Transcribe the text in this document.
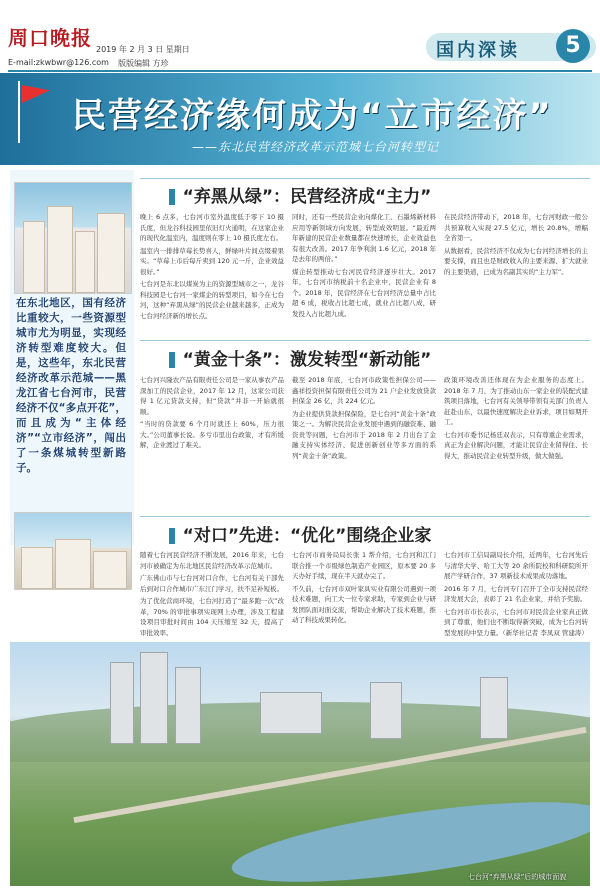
周口晚报 2019 年 2 月 3 日 星期日
E-mail:zkwbwr@126.com 版版编辑 方珍
国内深读	5
民营经济缘何成为“立市经济”
——东北民营经济改革示范城七台河转型记
在东北地区，国有经济比重较大，一些资源型城市尤为明显，实现经济转型难度较大。但是，这些年，东北民营经济改革示范城——黑龙江省七台河市，民营经济不仅“多点开花”，而且成为“主体经济”“立市经济”，闯出了一条煤城转型新路子。
“弃黑从绿”：民营经济成“主力”

晚上 6 点多，七台河市室外温度低于零下 10 摄氏度，但龙谷科技园里依旧灯火通明，在这家企业的现代化温室内，温度则在零上 10 摄氏度左右。

温室内一排排草莓长势喜人，鲜绿叶片间点缀着果实。“草莓上市后每斤卖到 120 元一斤，企业效益很好。”

七台河是东北以煤炭为主的资源型城市之一，龙谷科技园是七台河一家煤企的转型项目，如今在七台河，这种“弃黑从绿”的民营企业越来越多，正成为七台河经济新的增长点。

同时，还有一些民营企业向煤化工、石墨烯新材料应用等新领域方向发展，转型成效明显。“最近两年新建的民营企业数量都在快速增长，企业效益也有很大改善。2017 年争利润 1.6 亿元，2018 年是去年的两倍。”

煤企转型推动七台河民营经济逐步壮大。2017 年，七台河市纳税前十名企业中，民营企业有 8 个。2018 年，民营经济在七台河经济总量中占比超 6 成，税收占比超七成，就业占比超八成，研发投入占比超九成。

在民营经济带动下，2018 年，七台河财政一般公共预算收入实现 27.5 亿元，增长 20.8%，增幅全省第一。

从数据看，民营经济不仅成为七台河经济增长的主要支撑，而且也是财政收入的主要来源、扩大就业的主要渠道，已成为名副其实的“主力军”。

“黄金十条”：激发转型“新动能”

七台河兴隆农产品有限责任公司是一家从事农产品深加工的民营企业，2017 年 12 月，这家公司获得 1 亿元贷款支持，但“贷款”并非一开始就很顺。

“当时的贷款要 6 个月时就还上 60%，压力很大。”公司董事长说。多亏市里出台政策，才有所缓解，企业渡过了难关。

截至 2018 年底，七台河市政策性担保公司——鑫祥投资担保有限责任公司为 21 户企业发放贷款担保金 26 亿，共 224 亿元。

为企业提供贷款担保保险，是七台河“黄金十条”政策之一。为解决民营企业发展中遇到的融资难、融资贵等问题，七台河市于 2018 年 2 月出台了金融支持实体经济、促进创新创业等多方面的系列“黄金十条”政策。

政策环境改善还体现在为企业服务的态度上。2018 年 7 月，为了推动山东一家企业的装配式建筑项目落地，七台河有关领导带领有关部门负责人赶赴山东，以最快速度解决企业诉求，项目如期开工。

七台河市委书记杨廷双表示，只有尊重企业需求，真正为企业解决问题，才能让民营企业留得住、长得大，推动民营企业转型升级，做大做强。

“对口”先进：“优化”围绕企业家

随着七台河民营经济不断发展，2016 年来，七台河市被确定为东北地区民营经济改革示范城市。

广东佛山市与七台河对口合作，七台河有关干部先后到对口合作城市广东江门学习，扶不足补短板。

为了优化营商环境，七台河打造了“最多跑一次”改革，70% 的审批事项实现网上办理，涉及工程建设项目审批时间由 104 天压缩至 32 天，提高了审批效率。

七台河市商务局局长张 1 帮介绍，七台河和江门联合推一个市级绿色制造产业园区，原本要 20 多天办好手续，现在半天就办完了。

不久前，七台河市双叶家具实业有限公司遇到一项技术难题，向工大一位专家求助，专家到企业与研发团队面对面交流，帮助企业解决了技术难题，推动了科技成果转化。

七台河市工信局副局长介绍，近两年，七台河先后与清华大学、哈工大等 20 余所院校和科研院所开展产学研合作，37 项新技术成果成功落地。

2016 年 7 月，七台河专门召开了全市支持民营经济发展大会，表彰了 21 名企业家，并给予奖励。

七台河市市长表示，七台河市对民营企业家真正做到了尊重，他们也不断取得新突破，成为七台河转型发展的中坚力量。（新华社记者 李凤双 管建涛）

七台河“弃黑从绿”后的城市面貌
